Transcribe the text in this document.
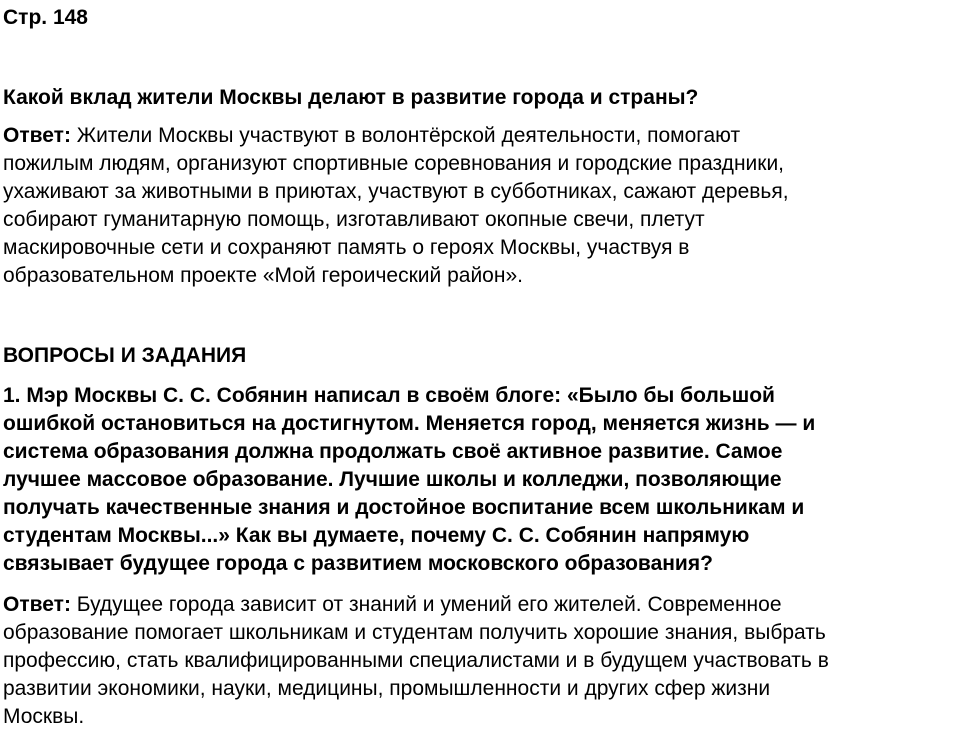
Стр. 148
Какой вклад жители Москвы делают в развитие города и страны?
Ответ: Жители Москвы участвуют в волонтёрской деятельности, помогают
пожилым людям, организуют спортивные соревнования и городские праздники,
ухаживают за животными в приютах, участвуют в субботниках, сажают деревья,
собирают гуманитарную помощь, изготавливают окопные свечи, плетут
маскировочные сети и сохраняют память о героях Москвы, участвуя в
образовательном проекте «Мой героический район».
ВОПРОСЫ И ЗАДАНИЯ
1. Мэр Москвы С. С. Собянин написал в своём блоге: «Было бы большой
ошибкой остановиться на достигнутом. Меняется город, меняется жизнь — и
система образования должна продолжать своё активное развитие. Самое
лучшее массовое образование. Лучшие школы и колледжи, позволяющие
получать качественные знания и достойное воспитание всем школьникам и
студентам Москвы...» Как вы думаете, почему С. С. Собянин напрямую
связывает будущее города с развитием московского образования?
Ответ: Будущее города зависит от знаний и умений его жителей. Современное
образование помогает школьникам и студентам получить хорошие знания, выбрать
профессию, стать квалифицированными специалистами и в будущем участвовать в
развитии экономики, науки, медицины, промышленности и других сфер жизни
Москвы.
